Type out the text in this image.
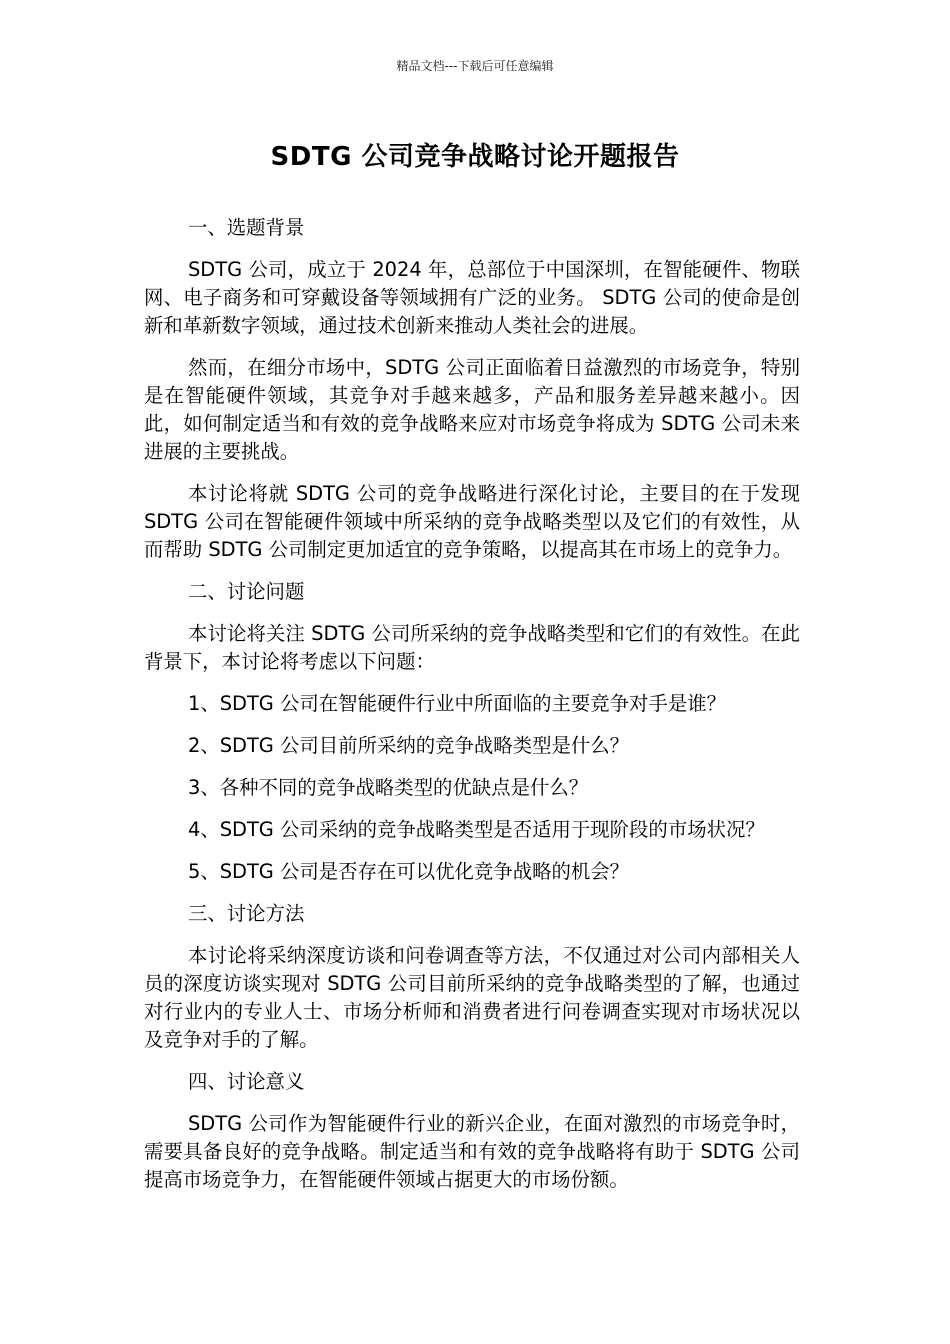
精品文档---下载后可任意编辑
SDTG 公司竞争战略讨论开题报告

一、选题背景

SDTG 公司，成立于 2024 年，总部位于中国深圳，在智能硬件、物联网、电子商务和可穿戴设备等领域拥有广泛的业务。 SDTG 公司的使命是创新和革新数字领域，通过技术创新来推动人类社会的进展。

然而，在细分市场中，SDTG 公司正面临着日益激烈的市场竞争，特别是在智能硬件领域，其竞争对手越来越多，产品和服务差异越来越小。因此，如何制定适当和有效的竞争战略来应对市场竞争将成为 SDTG 公司未来进展的主要挑战。

本讨论将就 SDTG 公司的竞争战略进行深化讨论，主要目的在于发现 SDTG 公司在智能硬件领域中所采纳的竞争战略类型以及它们的有效性，从而帮助 SDTG 公司制定更加适宜的竞争策略，以提高其在市场上的竞争力。

二、讨论问题

本讨论将关注 SDTG 公司所采纳的竞争战略类型和它们的有效性。在此背景下，本讨论将考虑以下问题：

1、SDTG 公司在智能硬件行业中所面临的主要竞争对手是谁？

2、SDTG 公司目前所采纳的竞争战略类型是什么？

3、各种不同的竞争战略类型的优缺点是什么？

4、SDTG 公司采纳的竞争战略类型是否适用于现阶段的市场状况？

5、SDTG 公司是否存在可以优化竞争战略的机会？

三、讨论方法

本讨论将采纳深度访谈和问卷调查等方法，不仅通过对公司内部相关人员的深度访谈实现对 SDTG 公司目前所采纳的竞争战略类型的了解，也通过对行业内的专业人士、市场分析师和消费者进行问卷调查实现对市场状况以及竞争对手的了解。

四、讨论意义

SDTG 公司作为智能硬件行业的新兴企业，在面对激烈的市场竞争时，需要具备良好的竞争战略。制定适当和有效的竞争战略将有助于 SDTG 公司提高市场竞争力，在智能硬件领域占据更大的市场份额。
